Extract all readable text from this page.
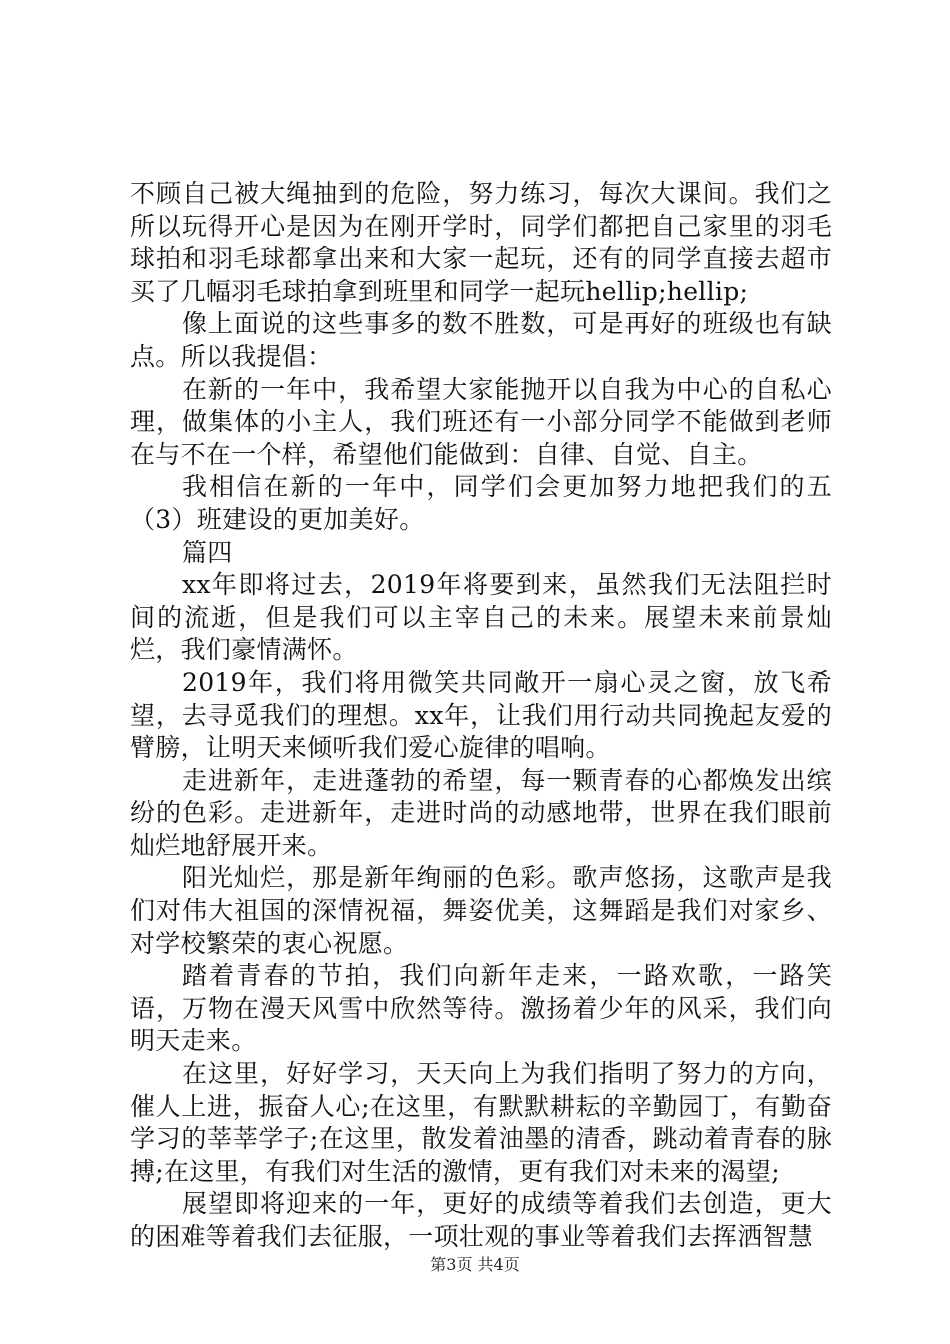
不顾自己被大绳抽到的危险，努力练习，每次大课间。我们之所以玩得开心是因为在刚开学时，同学们都把自己家里的羽毛球拍和羽毛球都拿出来和大家一起玩，还有的同学直接去超市买了几幅羽毛球拍拿到班里和同学一起玩hellip;hellip;

像上面说的这些事多的数不胜数，可是再好的班级也有缺点。所以我提倡：

在新的一年中，我希望大家能抛开以自我为中心的自私心理，做集体的小主人，我们班还有一小部分同学不能做到老师在与不在一个样，希望他们能做到：自律、自觉、自主。

我相信在新的一年中，同学们会更加努力地把我们的五（3）班建设的更加美好。

篇四

xx年即将过去，2019年将要到来，虽然我们无法阻拦时间的流逝，但是我们可以主宰自己的未来。展望未来前景灿烂，我们豪情满怀。

2019年，我们将用微笑共同敞开一扇心灵之窗，放飞希望，去寻觅我们的理想。xx年，让我们用行动共同挽起友爱的臂膀，让明天来倾听我们爱心旋律的唱响。

走进新年，走进蓬勃的希望，每一颗青春的心都焕发出缤纷的色彩。走进新年，走进时尚的动感地带，世界在我们眼前灿烂地舒展开来。

阳光灿烂，那是新年绚丽的色彩。歌声悠扬，这歌声是我们对伟大祖国的深情祝福，舞姿优美，这舞蹈是我们对家乡、对学校繁荣的衷心祝愿。

踏着青春的节拍，我们向新年走来，一路欢歌，一路笑语，万物在漫天风雪中欣然等待。激扬着少年的风采，我们向明天走来。

在这里，好好学习，天天向上为我们指明了努力的方向，催人上进，振奋人心;在这里，有默默耕耘的辛勤园丁，有勤奋学习的莘莘学子;在这里，散发着油墨的清香，跳动着青春的脉搏;在这里，有我们对生活的激情，更有我们对未来的渴望;

展望即将迎来的一年，更好的成绩等着我们去创造，更大的困难等着我们去征服，一项壮观的事业等着我们去挥洒智慧

第3页 共4页
